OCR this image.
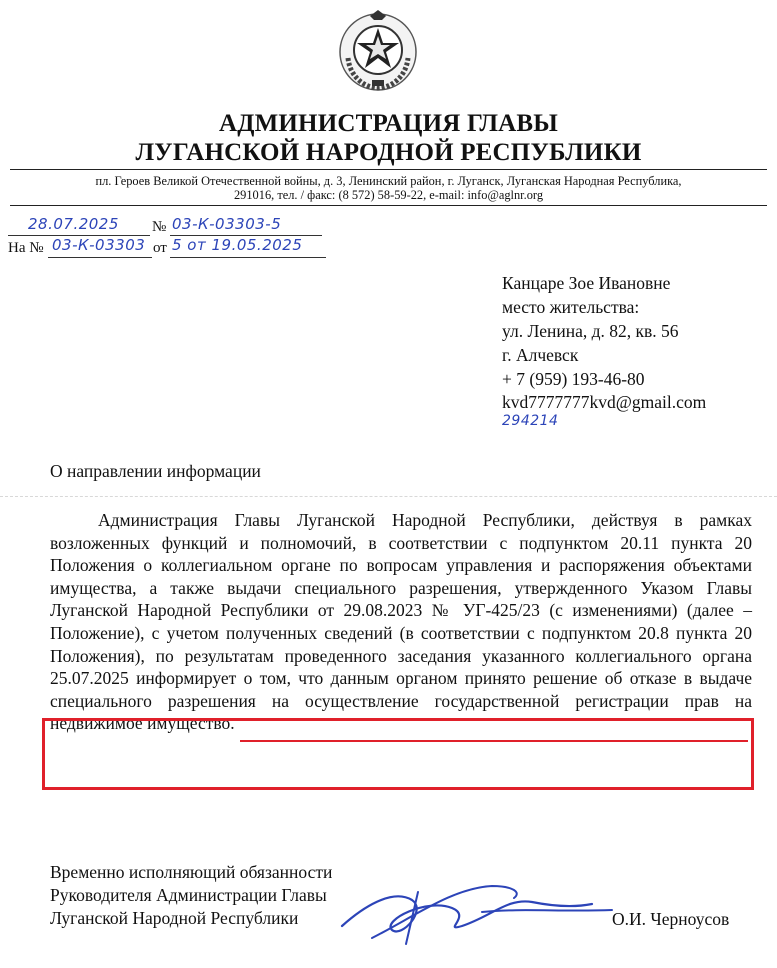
АДМИНИСТРАЦИЯ ГЛАВЫ
ЛУГАНСКОЙ НАРОДНОЙ РЕСПУБЛИКИ
пл. Героев Великой Отечественной войны, д. 3, Ленинский район, г. Луганск, Луганская Народная Республика,
291016, тел. / факс: (8 572) 58-59-22, e-mail: info@aglnr.org
28.07.2025 № 03-К-03303-5
На № 03-К-03303 от 5 от 19.05.2025
Канцаре Зое Ивановне
место жительства:
ул. Ленина, д. 82, кв. 56
г. Алчевск
+ 7 (959) 193-46-80
kvd7777777kvd@gmail.com
294214
О направлении информации

Администрация Главы Луганской Народной Республики, действуя в рамках возложенных функций и полномочий, в соответствии с подпунктом 20.11 пункта 20 Положения о коллегиальном органе по вопросам управления и распоряжения объектами имущества, а также выдачи специального разрешения, утвержденного Указом Главы Луганской Народной Республики от 29.08.2023 № УГ-425/23 (с изменениями) (далее – Положение), с учетом полученных сведений (в соответствии с подпунктом 20.8 пункта 20 Положения), по результатам проведенного заседания указанного коллегиального органа 25.07.2025 информирует о том, что данным органом принято решение об отказе в выдаче специального разрешения на осуществление государственной регистрации прав на недвижимое имущество.

Временно исполняющий обязанности
Руководителя Администрации Главы
Луганской Народной Республики	О.И. Черноусов
